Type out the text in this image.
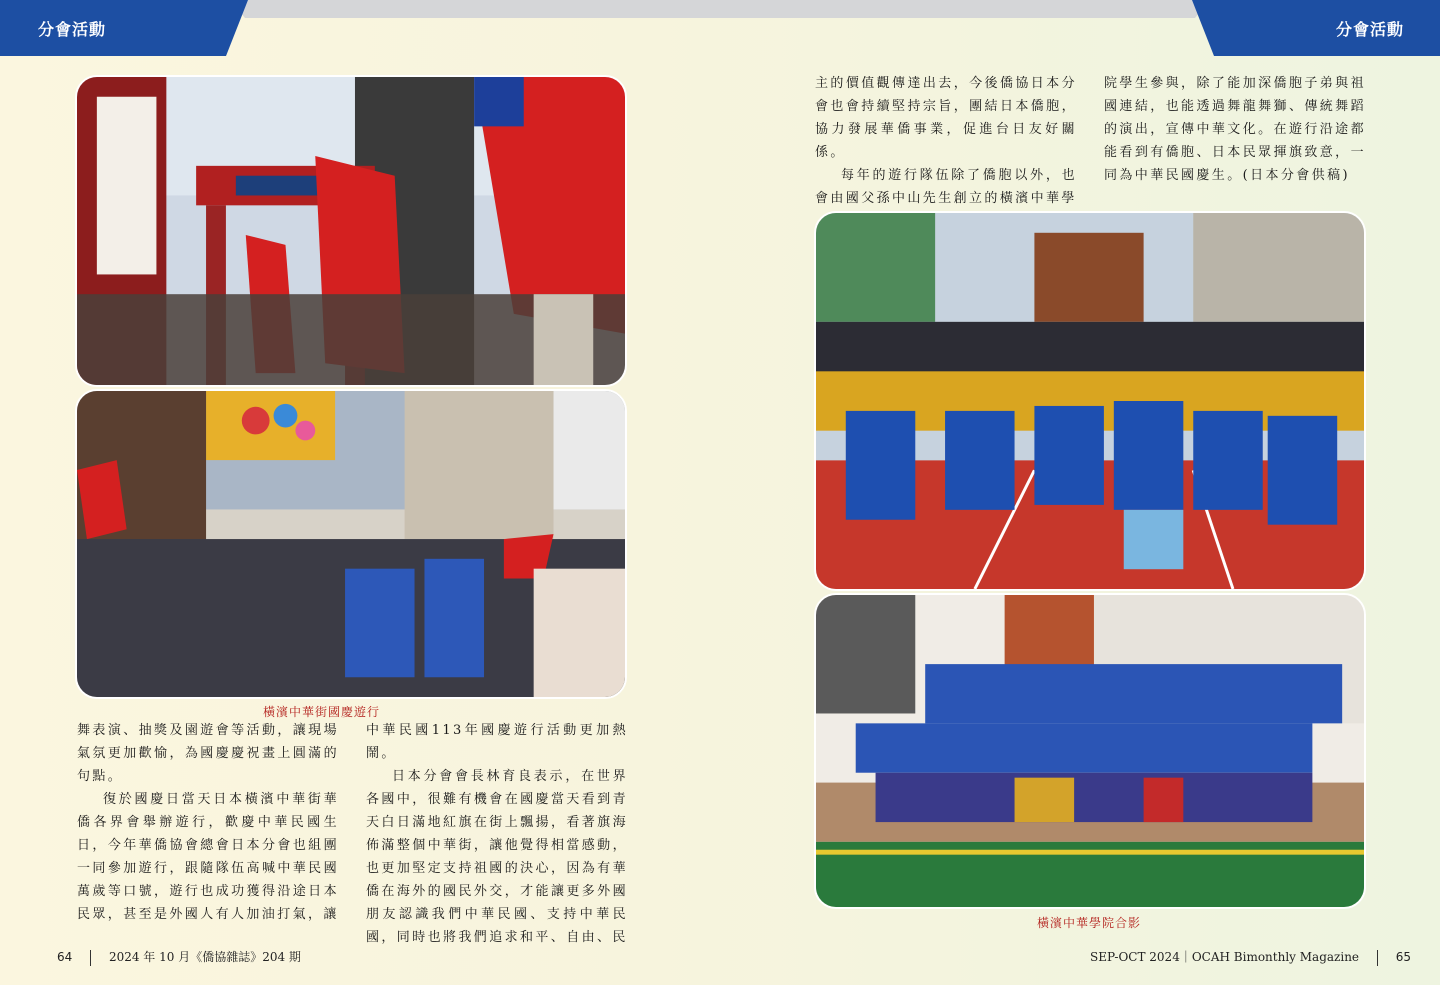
分會活動	分會活動
橫濱中華街國慶遊行

舞表演、抽獎及園遊會等活動，讓現場氣氛更加歡愉，為國慶慶祝畫上圓滿的句點。

復於國慶日當天日本橫濱中華街華僑各界會舉辦遊行，歡慶中華民國生日，今年華僑協會總會日本分會也組團一同參加遊行，跟隨隊伍高喊中華民國萬歲等口號，遊行也成功獲得沿途日本民眾，甚至是外國人有人加油打氣，讓

中華民國113年國慶遊行活動更加熱鬧。

日本分會會長林育良表示，在世界各國中，很難有機會在國慶當天看到青天白日滿地紅旗在街上飄揚，看著旗海佈滿整個中華街，讓他覺得相當感動，也更加堅定支持祖國的決心，因為有華僑在海外的國民外交，才能讓更多外國朋友認識我們中華民國、支持中華民國，同時也將我們追求和平、自由、民

主的價值觀傳達出去，今後僑協日本分會也會持續堅持宗旨，團結日本僑胞，協力發展華僑事業，促進台日友好關係。

每年的遊行隊伍除了僑胞以外，也會由國父孫中山先生創立的橫濱中華學

院學生參與，除了能加深僑胞子弟與祖國連結，也能透過舞龍舞獅、傳統舞蹈的演出，宣傳中華文化。在遊行沿途都能看到有僑胞、日本民眾揮旗致意，一同為中華民國慶生。(日本分會供稿)

橫濱中華學院合影
64	2024 年 10 月《僑協雜誌》204 期	SEP-OCT 2024｜OCAH Bimonthly Magazine	65
